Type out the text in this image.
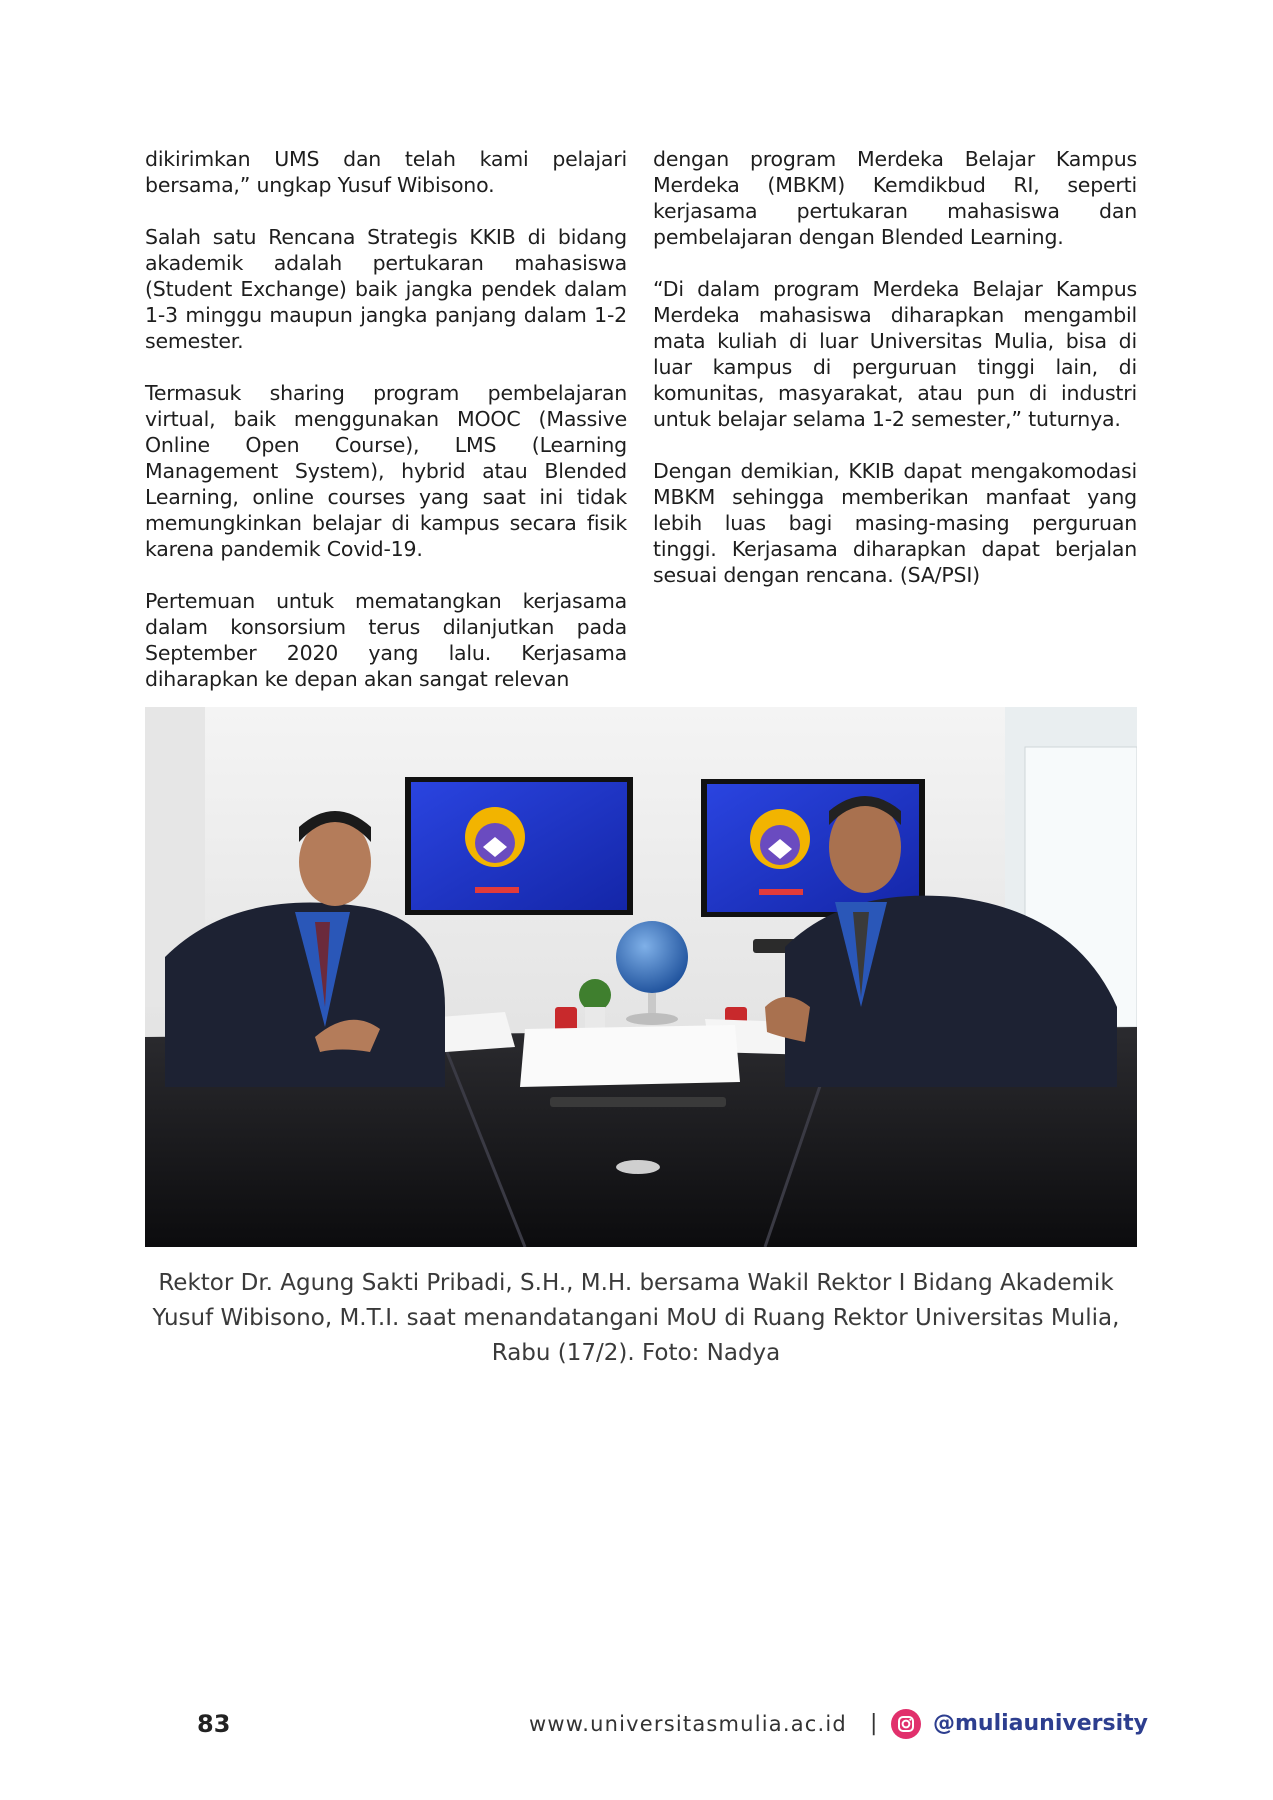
dikirimkan UMS dan telah kami pelajari bersama,” ungkap Yusuf Wibisono.

Salah satu Rencana Strategis KKIB di bidang akademik adalah pertukaran mahasiswa (Student Exchange) baik jangka pendek dalam 1-3 minggu maupun jangka panjang dalam 1-2 semester.

Termasuk sharing program pembelajaran virtual, baik menggunakan MOOC (Massive Online Open Course), LMS (Learning Management System), hybrid atau Blended Learning, online courses yang saat ini tidak memungkinkan belajar di kampus secara fisik karena pandemik Covid-19.

Pertemuan untuk mematangkan kerjasama dalam konsorsium terus dilanjutkan pada September 2020 yang lalu. Kerjasama diharapkan ke depan akan sangat relevan

dengan program Merdeka Belajar Kampus Merdeka (MBKM) Kemdikbud RI, seperti kerjasama pertukaran mahasiswa dan pembelajaran dengan Blended Learning.

“Di dalam program Merdeka Belajar Kampus Merdeka mahasiswa diharapkan mengambil mata kuliah di luar Universitas Mulia, bisa di luar kampus di perguruan tinggi lain, di komunitas, masyarakat, atau pun di industri untuk belajar selama 1-2 semester,” tuturnya.

Dengan demikian, KKIB dapat mengakomodasi MBKM sehingga memberikan manfaat yang lebih luas bagi masing-masing perguruan tinggi. Kerjasama diharapkan dapat berjalan sesuai dengan rencana. (SA/PSI)

Rektor Dr. Agung Sakti Pribadi, S.H., M.H. bersama Wakil Rektor I Bidang Akademik
Yusuf Wibisono, M.T.I. saat menandatangani MoU di Ruang Rektor Universitas Mulia,
Rabu (17/2). Foto: Nadya
83	www.universitasmulia.ac.id |	@muliauniversity
